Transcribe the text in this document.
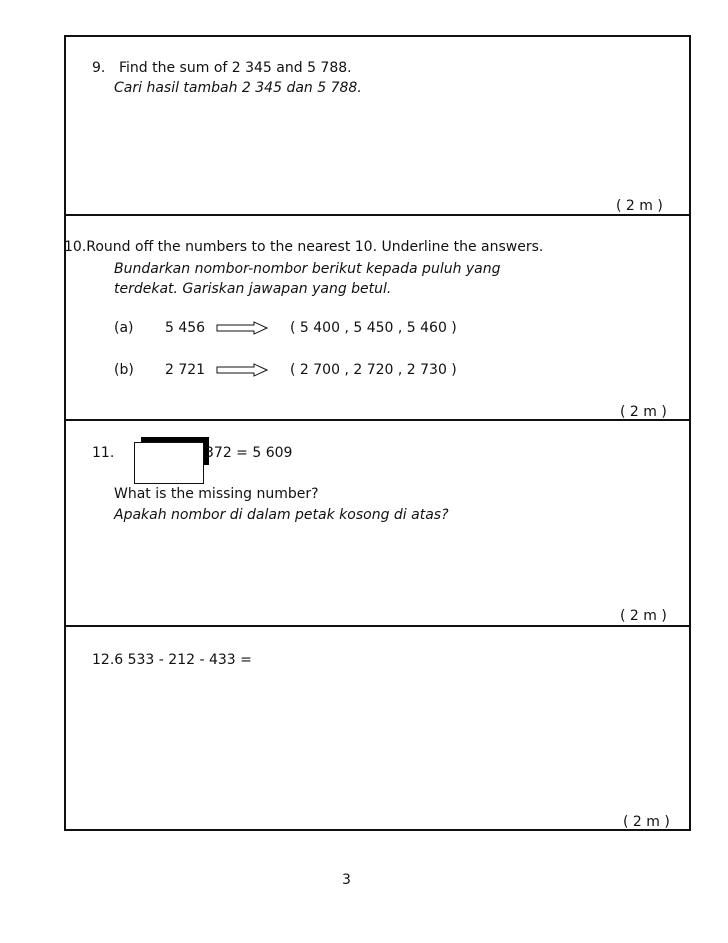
9. Find the sum of 2 345 and 5 788.
Cari hasil tambah 2 345 dan 5 788.
( 2 m )
10.Round off the numbers to the nearest 10. Underline the answers.
Bundarkan nombor-nombor berikut kepada puluh yang
terdekat. Gariskan jawapan yang betul.
(a) 5 456	( 5 400 , 5 450 , 5 460 )
(b) 2 721	( 2 700 , 2 720 , 2 730 )
( 2 m )
11.	372 = 5 609
What is the missing number?
Apakah nombor di dalam petak kosong di atas?
( 2 m )
12.6 533 - 212 - 433 =
( 2 m )
3
